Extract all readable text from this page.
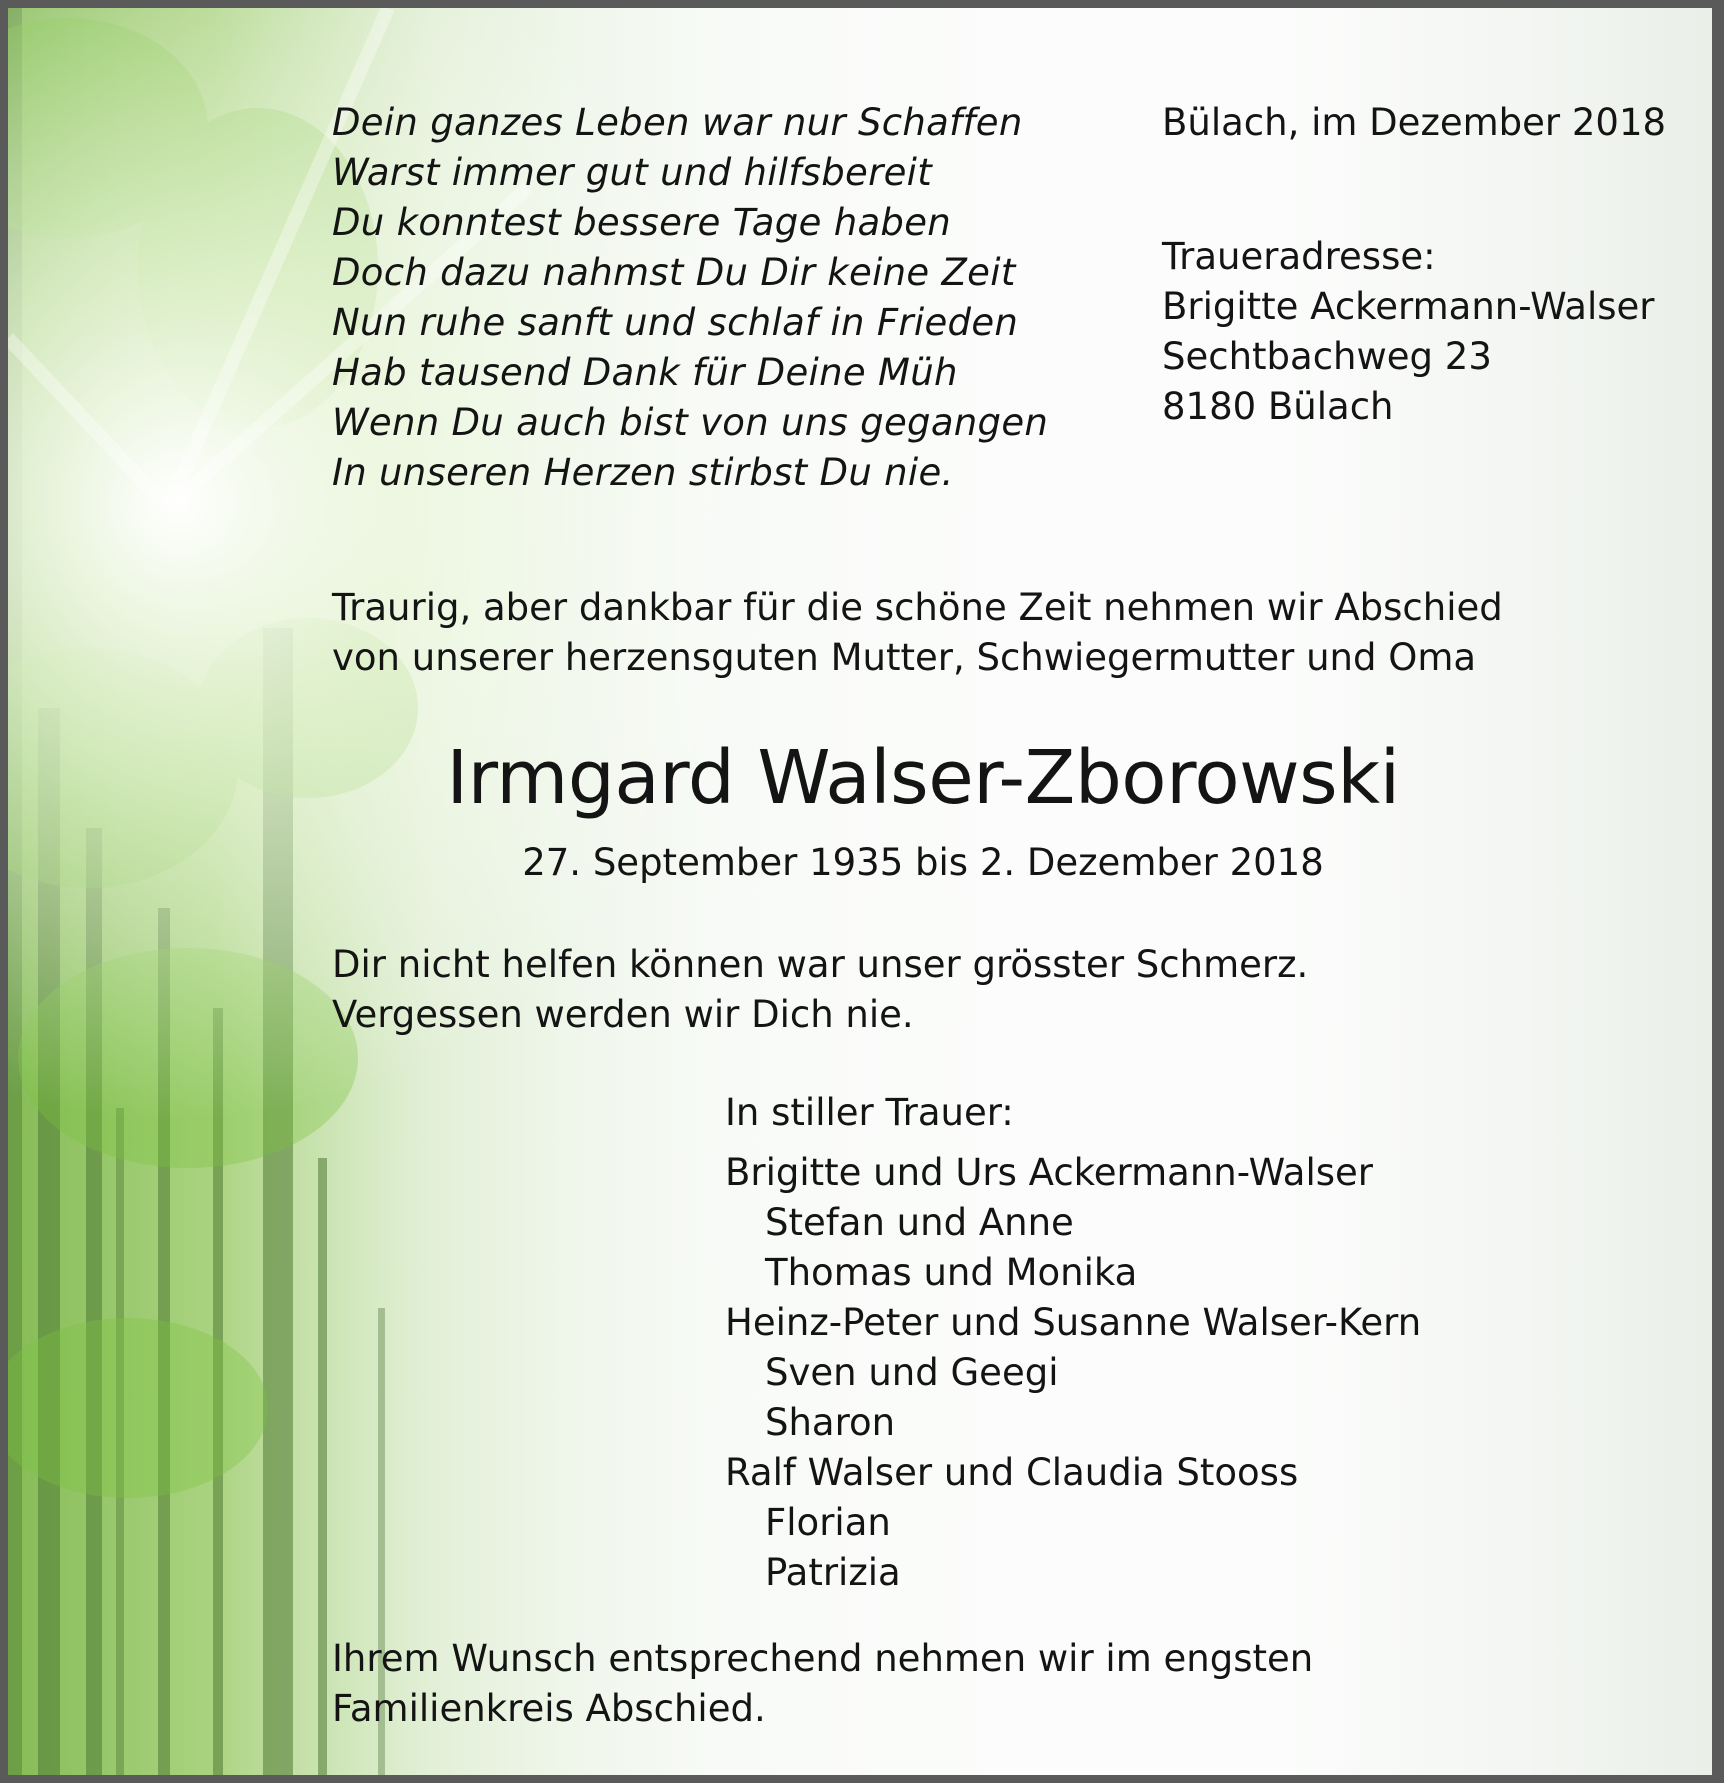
Dein ganzes Leben war nur Schaffen
Warst immer gut und hilfsbereit
Du konntest bessere Tage haben
Doch dazu nahmst Du Dir keine Zeit
Nun ruhe sanft und schlaf in Frieden
Hab tausend Dank für Deine Müh
Wenn Du auch bist von uns gegangen
In unseren Herzen stirbst Du nie.
Bülach, im Dezember 2018
Traueradresse:
Brigitte Ackermann-Walser
Sechtbachweg 23
8180 Bülach
Traurig, aber dankbar für die schöne Zeit nehmen wir Abschied
von unserer herzensguten Mutter, Schwiegermutter und Oma
Irmgard Walser-Zborowski
27. September 1935 bis 2. Dezember 2018
Dir nicht helfen können war unser grösster Schmerz.
Vergessen werden wir Dich nie.
In stiller Trauer:
Brigitte und Urs Ackermann-Walser
Stefan und Anne
Thomas und Monika
Heinz-Peter und Susanne Walser-Kern
Sven und Geegi
Sharon
Ralf Walser und Claudia Stooss
Florian
Patrizia
Ihrem Wunsch entsprechend nehmen wir im engsten
Familienkreis Abschied.
